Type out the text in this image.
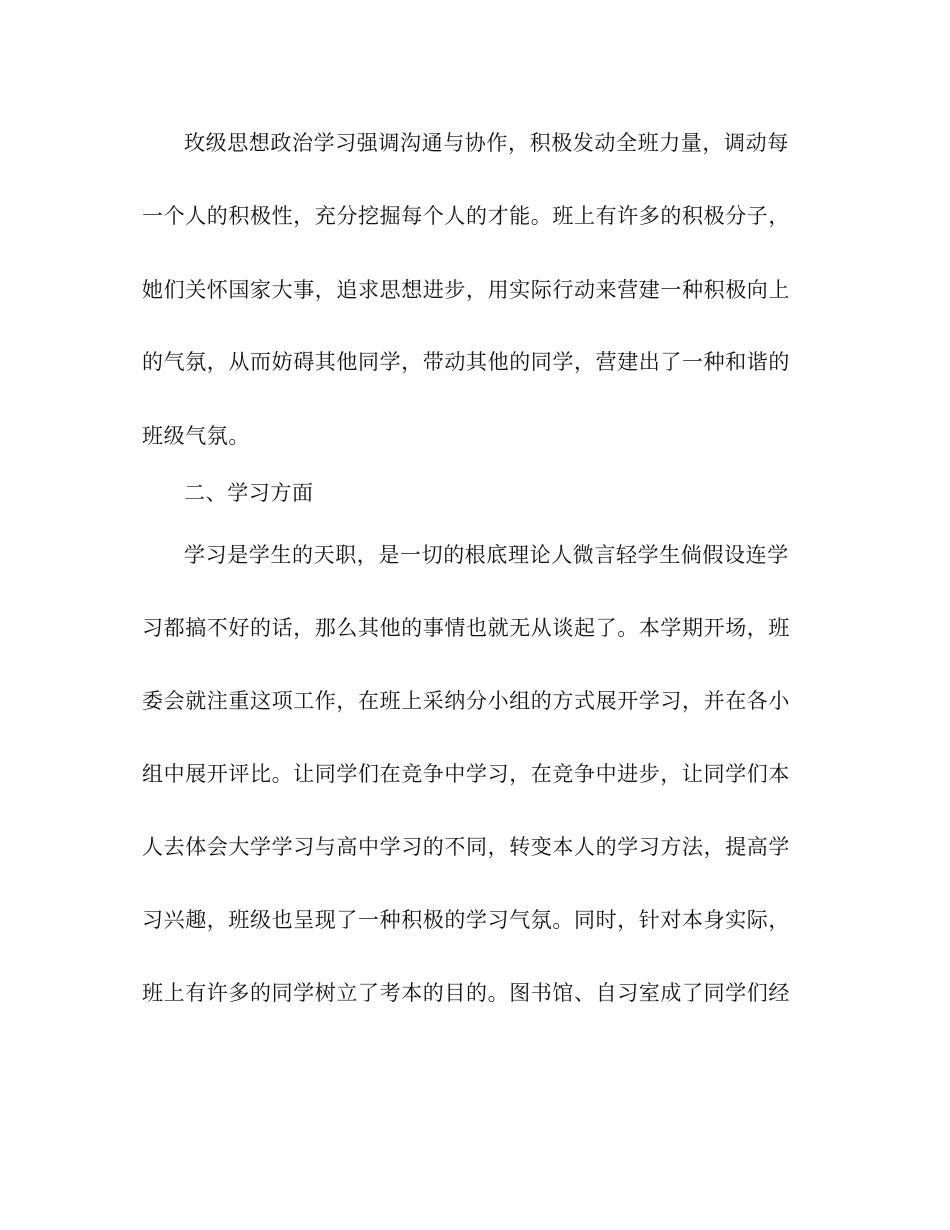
玫级思想政治学习强调沟通与协作，积极发动全班力量，调动每
一个人的积极性，充分挖掘每个人的才能。班上有许多的积极分子，
她们关怀国家大事，追求思想进步，用实际行动来营建一种积极向上
的气氛，从而妨碍其他同学，带动其他的同学，营建出了一种和谐的
班级气氛。
二、学习方面
学习是学生的天职，是一切的根底理论人微言轻学生倘假设连学
习都搞不好的话，那么其他的事情也就无从谈起了。本学期开场，班
委会就注重这项工作，在班上采纳分小组的方式展开学习，并在各小
组中展开评比。让同学们在竞争中学习，在竞争中进步，让同学们本
人去体会大学学习与高中学习的不同，转变本人的学习方法，提高学
习兴趣，班级也呈现了一种积极的学习气氛。同时，针对本身实际，
班上有许多的同学树立了考本的目的。图书馆、自习室成了同学们经
